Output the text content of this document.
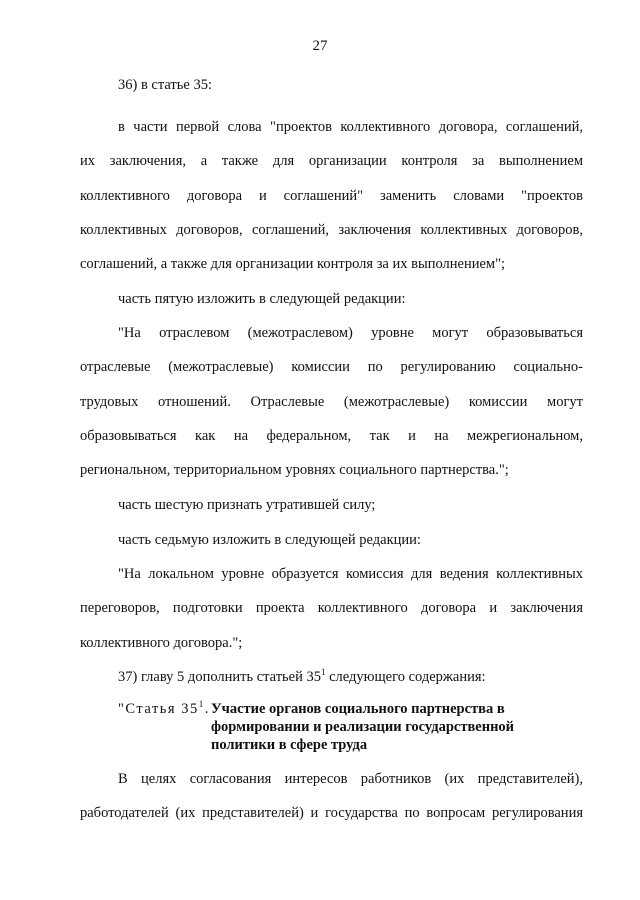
27
36) в статье 35:
в части первой слова "проектов коллективного договора, соглашений,
их заключения, а также для организации контроля за выполнением
коллективного договора и соглашений" заменить словами "проектов
коллективных договоров, соглашений, заключения коллективных договоров,
соглашений, а также для организации контроля за их выполнением";
часть пятую изложить в следующей редакции:
"На отраслевом (межотраслевом) уровне могут образовываться
отраслевые (межотраслевые) комиссии по регулированию социально-
трудовых отношений. Отраслевые (межотраслевые) комиссии могут
образовываться как на федеральном, так и на межрегиональном,
региональном, территориальном уровнях социального партнерства.";
часть шестую признать утратившей силу;
часть седьмую изложить в следующей редакции:
"На локальном уровне образуется комиссия для ведения коллективных
переговоров, подготовки проекта коллективного договора и заключения
коллективного договора.";
37) главу 5 дополнить статьей $35^1$ следующего содержания:
"Статья $35^1$. Участие органов социального партнерства в
формировании и реализации государственной
политики в сфере труда
В целях согласования интересов работников (их представителей),
работодателей (их представителей) и государства по вопросам регулирования
